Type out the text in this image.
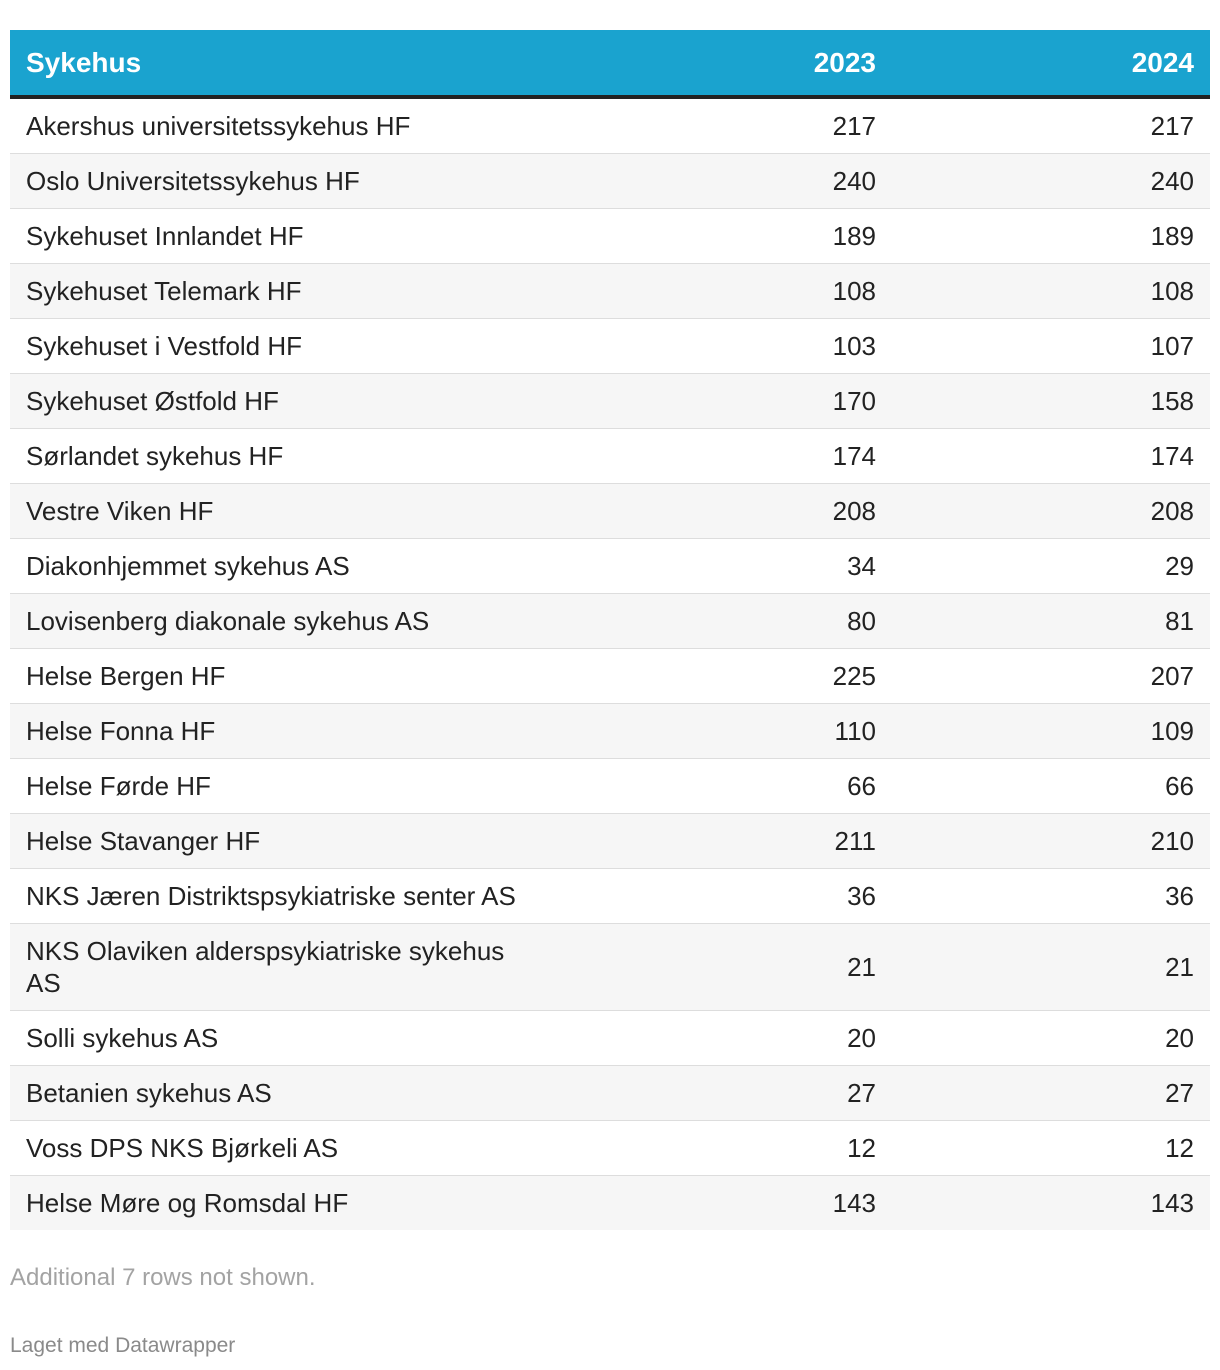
Sykehus	2023	2024
Akershus universitetssykehus HF	217	217
Oslo Universitetssykehus HF	240	240
Sykehuset Innlandet HF	189	189
Sykehuset Telemark HF	108	108
Sykehuset i Vestfold HF	103	107
Sykehuset Østfold HF	170	158
Sørlandet sykehus HF	174	174
Vestre Viken HF	208	208
Diakonhjemmet sykehus AS	34	29
Lovisenberg diakonale sykehus AS	80	81
Helse Bergen HF	225	207
Helse Fonna HF	110	109
Helse Førde HF	66	66
Helse Stavanger HF	211	210
NKS Jæren Distriktspsykiatriske senter AS	36	36
NKS Olaviken alderspsykiatriske sykehus AS	21	21
Solli sykehus AS	20	20
Betanien sykehus AS	27	27
Voss DPS NKS Bjørkeli AS	12	12
Helse Møre og Romsdal HF	143	143
Additional 7 rows not shown.
Laget med Datawrapper
